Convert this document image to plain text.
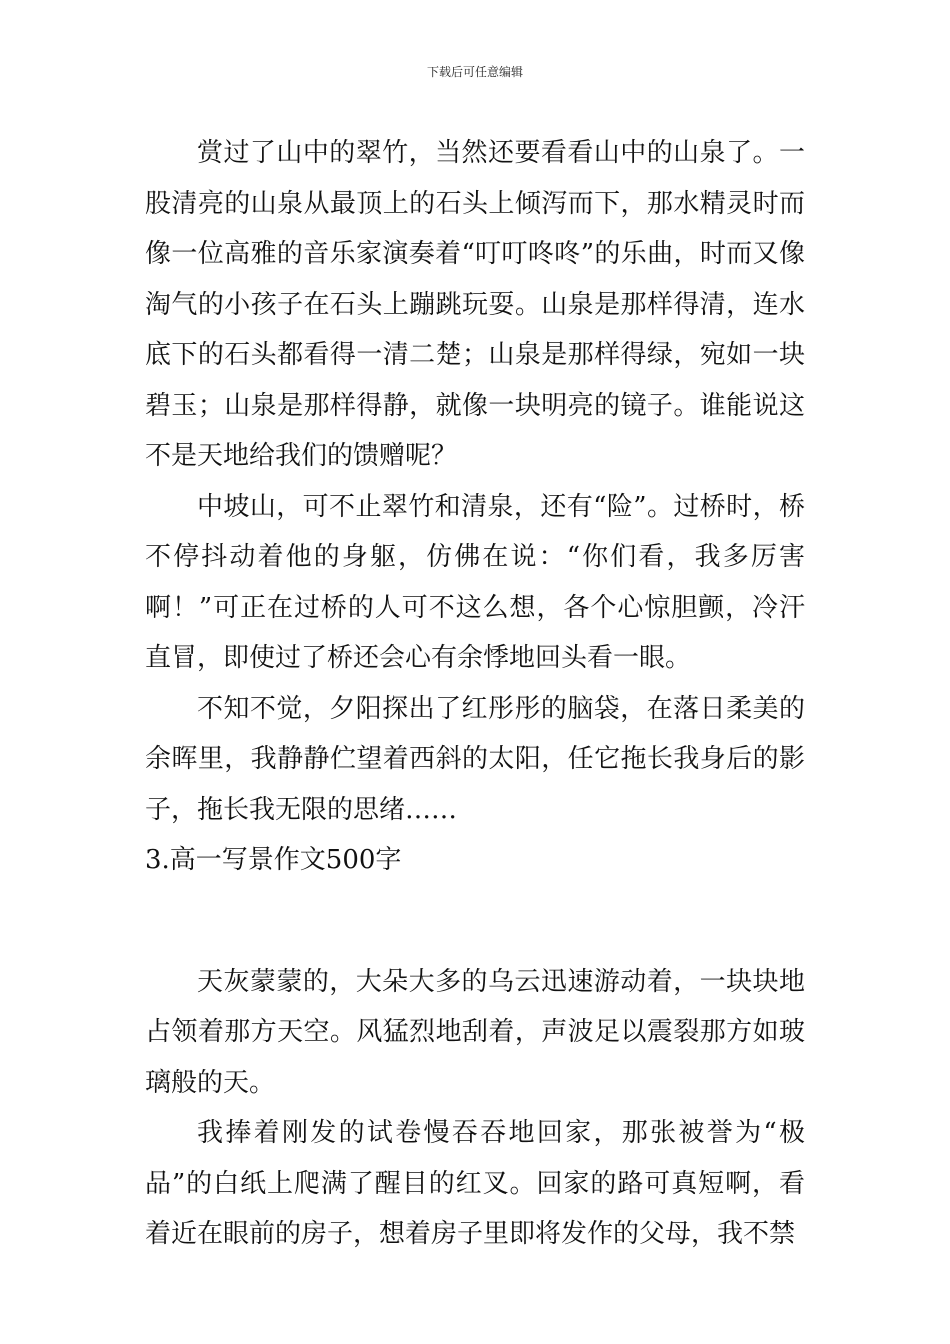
下载后可任意编辑

赏过了山中的翠竹，当然还要看看山中的山泉了。一股清亮的山泉从最顶上的石头上倾泻而下，那水精灵时而像一位高雅的音乐家演奏着“叮叮咚咚”的乐曲，时而又像淘气的小孩子在石头上蹦跳玩耍。山泉是那样得清，连水底下的石头都看得一清二楚；山泉是那样得绿，宛如一块碧玉；山泉是那样得静，就像一块明亮的镜子。谁能说这不是天地给我们的馈赠呢？

中坡山，可不止翠竹和清泉，还有“险”。过桥时，桥不停抖动着他的身躯，仿佛在说：“你们看，我多厉害啊！”可正在过桥的人可不这么想，各个心惊胆颤，冷汗直冒，即使过了桥还会心有余悸地回头看一眼。

不知不觉，夕阳探出了红彤彤的脑袋，在落日柔美的余晖里，我静静伫望着西斜的太阳，任它拖长我身后的影子，拖长我无限的思绪……

3.高一写景作文500字

天灰蒙蒙的，大朵大多的乌云迅速游动着，一块块地占领着那方天空。风猛烈地刮着，声波足以震裂那方如玻璃般的天。

我捧着刚发的试卷慢吞吞地回家，那张被誉为“极品”的白纸上爬满了醒目的红叉。回家的路可真短啊，看着近在眼前的房子，想着房子里即将发作的父母，我不禁
